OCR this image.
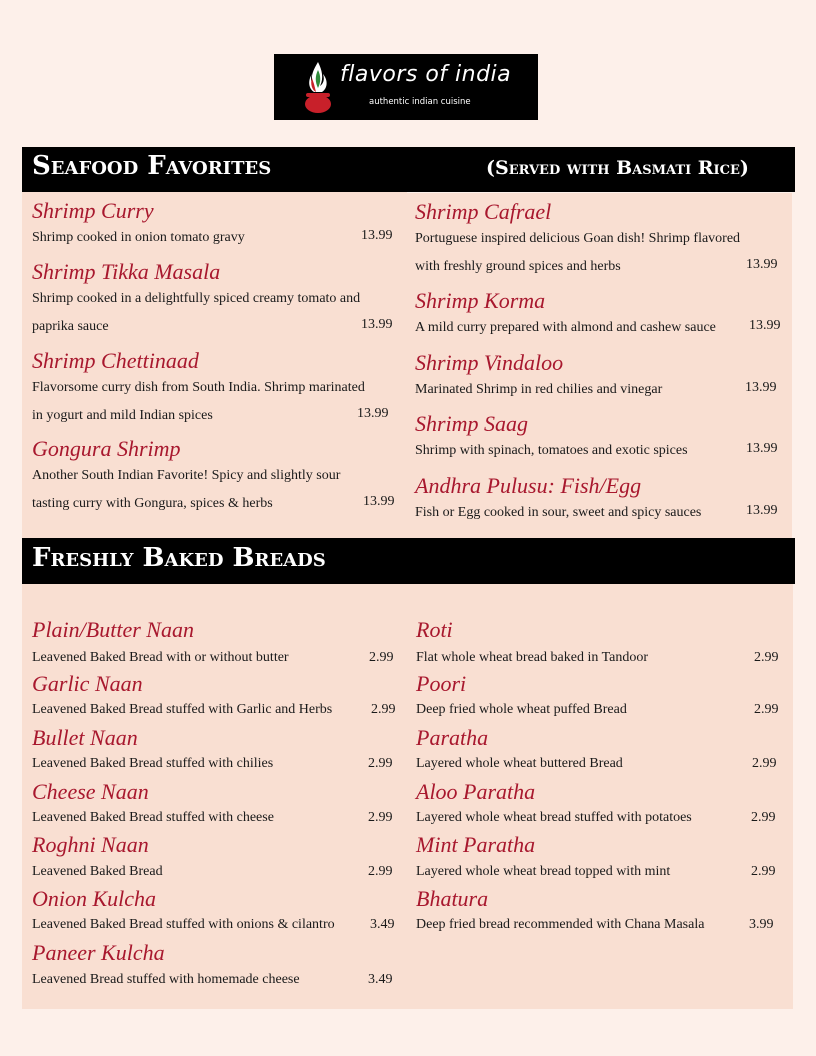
flavors of india
authentic indian cuisine
Seafood Favorites	(Served with Basmati Rice)
Shrimp Curry
Shrimp cooked in onion tomato gravy	13.99
Shrimp Tikka Masala
Shrimp cooked in a delightfully spiced creamy tomato and
paprika sauce	13.99
Shrimp Chettinaad
Flavorsome curry dish from South India. Shrimp marinated
in yogurt and mild Indian spices	13.99
Gongura Shrimp
Another South Indian Favorite! Spicy and slightly sour
tasting curry with Gongura, spices & herbs	13.99
Shrimp Cafrael
Portuguese inspired delicious Goan dish! Shrimp flavored
with freshly ground spices and herbs	13.99
Shrimp Korma
A mild curry prepared with almond and cashew sauce	13.99
Shrimp Vindaloo
Marinated Shrimp in red chilies and vinegar	13.99
Shrimp Saag
Shrimp with spinach, tomatoes and exotic spices	13.99
Andhra Pulusu: Fish/Egg
Fish or Egg cooked in sour, sweet and spicy sauces	13.99
Freshly Baked Breads
Plain/Butter Naan
Leavened Baked Bread with or without butter	2.99
Garlic Naan
Leavened Baked Bread stuffed with Garlic and Herbs	2.99
Bullet Naan
Leavened Baked Bread stuffed with chilies	2.99
Cheese Naan
Leavened Baked Bread stuffed with cheese	2.99
Roghni Naan
Leavened Baked Bread	2.99
Onion Kulcha
Leavened Baked Bread stuffed with onions & cilantro	3.49
Paneer Kulcha
Leavened Bread stuffed with homemade cheese	3.49
Roti
Flat whole wheat bread baked in Tandoor	2.99
Poori
Deep fried whole wheat puffed Bread	2.99
Paratha
Layered whole wheat buttered Bread	2.99
Aloo Paratha
Layered whole wheat bread stuffed with potatoes	2.99
Mint Paratha
Layered whole wheat bread topped with mint	2.99
Bhatura
Deep fried bread recommended with Chana Masala	3.99
